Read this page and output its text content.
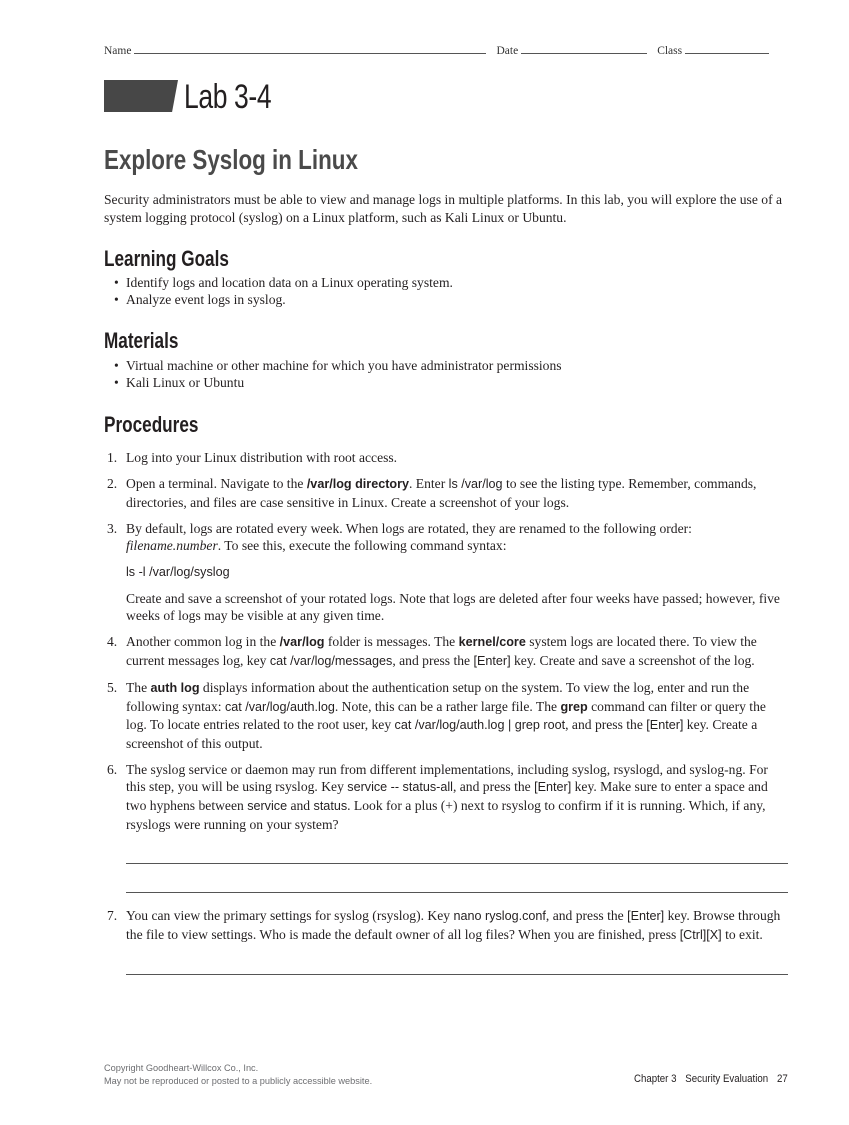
Name	Date	Class
Lab 3-4
Explore Syslog in Linux

Security administrators must be able to view and manage logs in multiple platforms. In this lab, you will explore the use of a system logging protocol (syslog) on a Linux platform, such as Kali Linux or Ubuntu.

Learning Goals
• Identify logs and location data on a Linux operating system.
• Analyze event logs in syslog.
Materials
• Virtual machine or other machine for which you have administrator permissions
• Kali Linux or Ubuntu
Procedures
1. Log into your Linux distribution with root access.

2. Open a terminal. Navigate to the /var/log directory. Enter ls /var/log to see the listing type. Remember, commands, directories, and files are case sensitive in Linux. Create a screenshot of your logs.

3. By default, logs are rotated every week. When logs are rotated, they are renamed to the following order: filename.number. To see this, execute the following command syntax:

ls -l /var/log/syslog

Create and save a screenshot of your rotated logs. Note that logs are deleted after four weeks have passed; however, five weeks of logs may be visible at any given time.

4. Another common log in the /var/log folder is messages. The kernel/core system logs are located there. To view the current messages log, key cat /var/log/messages, and press the [Enter] key. Create and save a screenshot of the log.

5. The auth log displays information about the authentication setup on the system. To view the log, enter and run the following syntax: cat /var/log/auth.log. Note, this can be a rather large file. The grep command can filter or query the log. To locate entries related to the root user, key cat /var/log/auth.log | grep root, and press the [Enter] key. Create a screenshot of this output.

6. The syslog service or daemon may run from different implementations, including syslog, rsyslogd, and syslog-ng. For this step, you will be using rsyslog. Key service -- status-all, and press the [Enter] key. Make sure to enter a space and two hyphens between service and status. Look for a plus (+) next to rsyslog to confirm if it is running. Which, if any, rsyslogs were running on your system?

7. You can view the primary settings for syslog (rsyslog). Key nano ryslog.conf, and press the [Enter] key. Browse through the file to view settings. Who is made the default owner of all log files? When you are finished, press [Ctrl][X] to exit.

Copyright Goodheart-Willcox Co., Inc.
May not be reproduced or posted to a publicly accessible website.	Chapter 3 Security Evaluation 27
